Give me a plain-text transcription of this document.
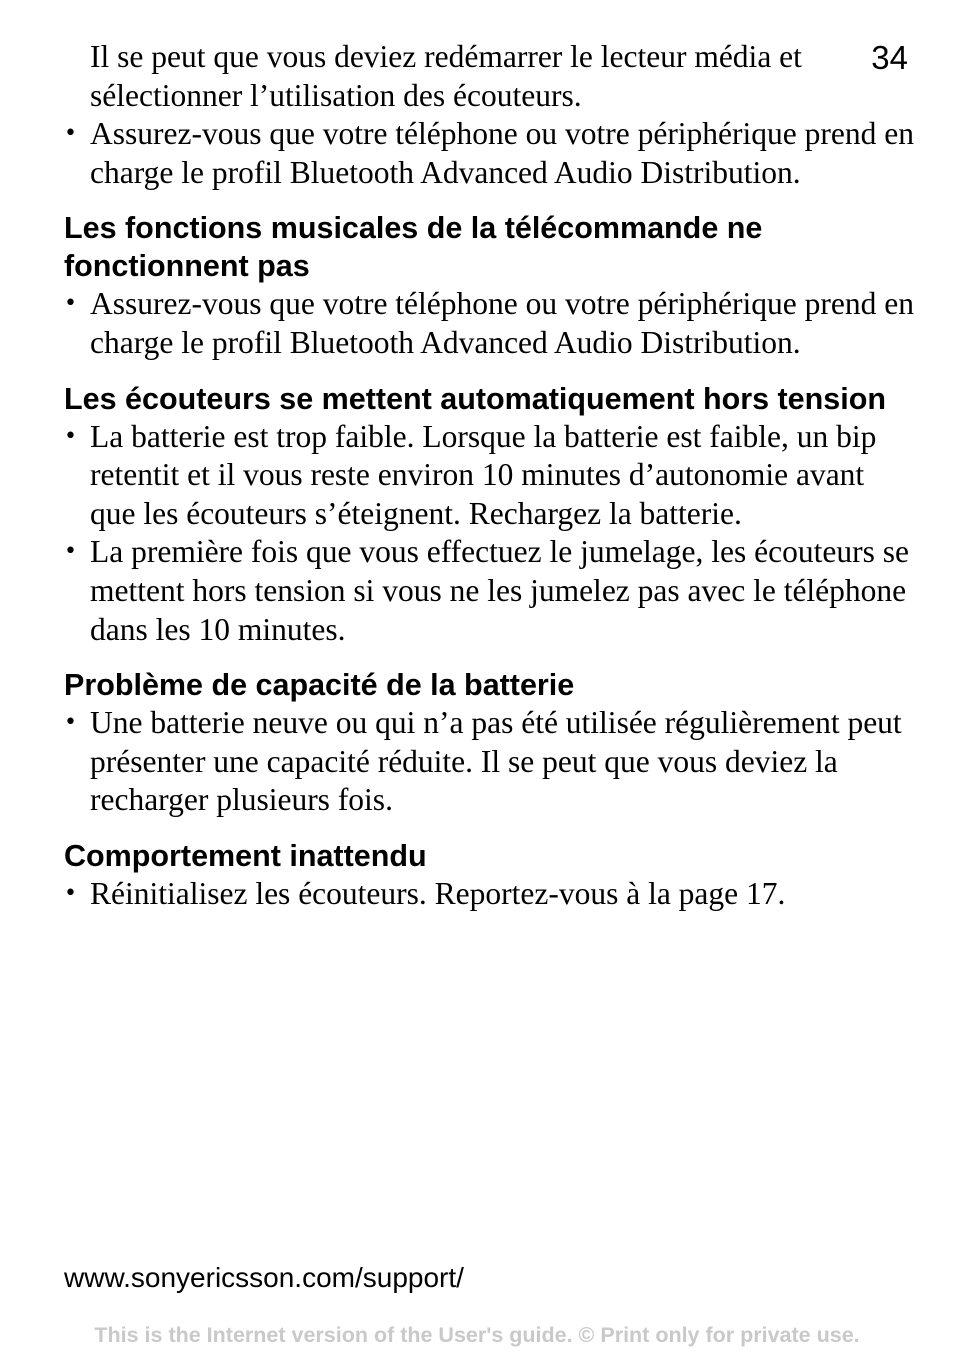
34
Il se peut que vous deviez redémarrer le lecteur média et sélectionner l’utilisation des écouteurs.
• Assurez-vous que votre téléphone ou votre périphérique prend en charge le profil Bluetooth Advanced Audio Distribution.
Les fonctions musicales de la télécommande ne fonctionnent pas
• Assurez-vous que votre téléphone ou votre périphérique prend en charge le profil Bluetooth Advanced Audio Distribution.
Les écouteurs se mettent automatiquement hors tension
• La batterie est trop faible. Lorsque la batterie est faible, un bip retentit et il vous reste environ 10 minutes d’autonomie avant que les écouteurs s’éteignent. Rechargez la batterie.
• La première fois que vous effectuez le jumelage, les écouteurs se mettent hors tension si vous ne les jumelez pas avec le téléphone dans les 10 minutes.
Problème de capacité de la batterie
• Une batterie neuve ou qui n’a pas été utilisée régulièrement peut présenter une capacité réduite. Il se peut que vous deviez la recharger plusieurs fois.
Comportement inattendu
• Réinitialisez les écouteurs. Reportez-vous à la page 17.
www.sonyericsson.com/support/
This is the Internet version of the User's guide. © Print only for private use.
